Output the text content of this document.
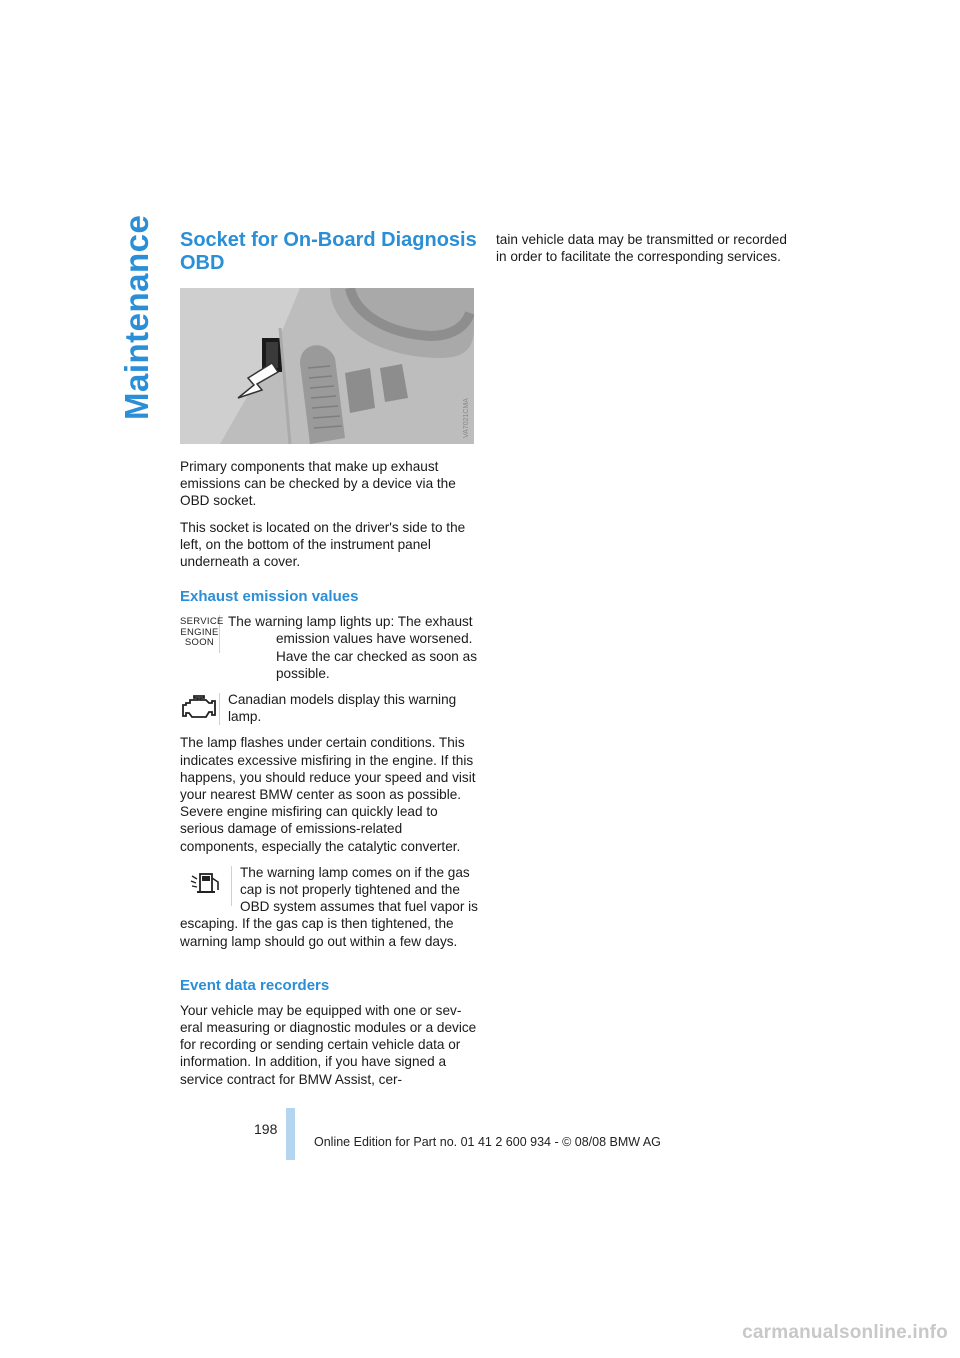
Maintenance Socket for On-Board Diagnosis OBD
VA7021CMA

Primary components that make up exhaust emissions can be checked by a device via the OBD socket.

This socket is located on the driver's side to the left, on the bottom of the instrument panel underneath a cover.

Exhaust emission values
SERVICE
ENGINE
SOON

The warning lamp lights up: The exhaust emission values have worsened. Have the car checked as soon as possible.

Canadian models display this warning lamp.

The lamp flashes under certain conditions. This indicates excessive misfiring in the engine. If this happens, you should reduce your speed and visit your nearest BMW center as soon as possible. Severe engine misfiring can quickly lead to serious damage of emissions-related components, especially the catalytic converter.

The warning lamp comes on if the gas cap is not properly tightened and the OBD system assumes that fuel vapor is escaping. If the gas cap is then tightened, the warning lamp should go out within a few days.

Event data recorders

Your vehicle may be equipped with one or sev-eral measuring or diagnostic modules or a device for recording or sending certain vehicle data or information. In addition, if you have signed a service contract for BMW Assist, cer-

tain vehicle data may be transmitted or recorded in order to facilitate the corresponding services.

198
Online Edition for Part no. 01 41 2 600 934 - © 08/08 BMW AG
carmanualsonline.info
